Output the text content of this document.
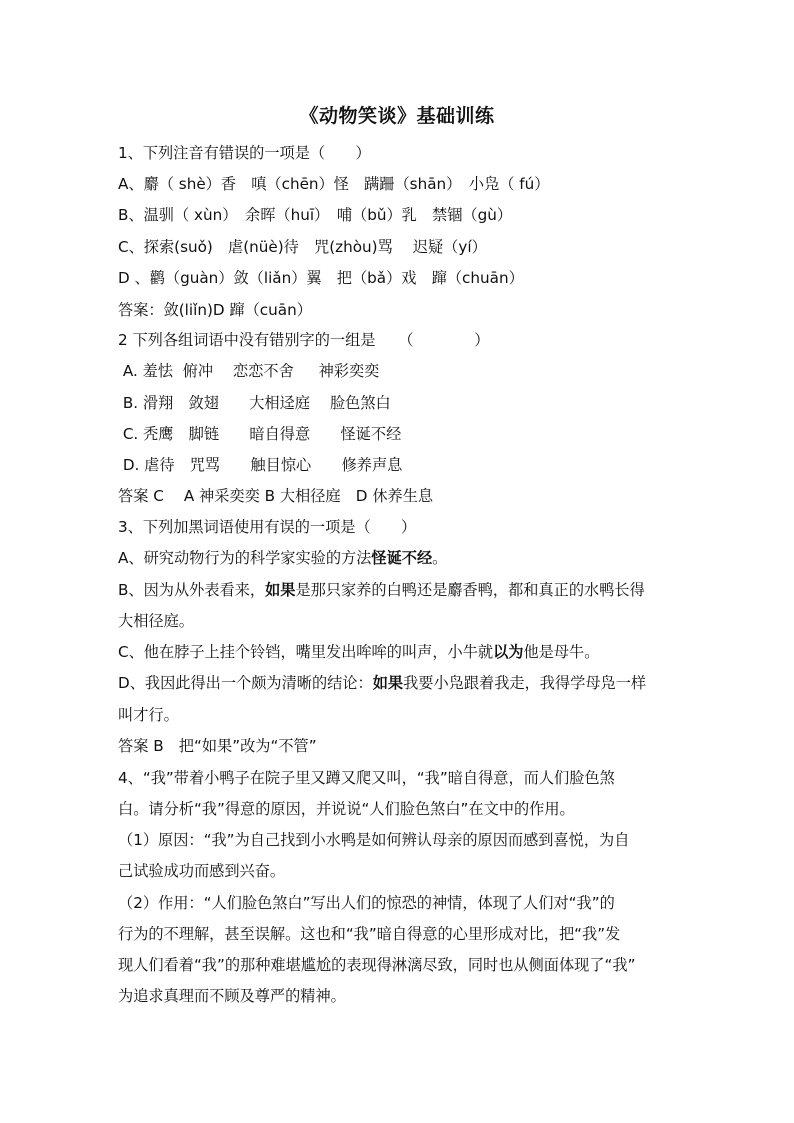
《动物笑谈》基础训练
1、下列注音有错误的一项是（　　）
A、麝（ shè）香　嗔（chēn）怪　蹒跚（shān）　小凫（ fú）
B、温驯（ xùn）　余晖（huī）　哺（bǔ）乳　禁锢（gù）
C、探索(suǒ)　虐(nüè)待　咒(zhòu)骂　 迟疑（yí）
D 、鹳（guàn）敛（liǎn）翼　把（bǎ）戏　蹿（chuān）
答案：敛(liǐn)D 蹿（cuān）
2 下列各组词语中没有错别字的一组是　　（　　　　）
A. 羞怯  俯冲　 恋恋不舍　  神彩奕奕
B. 滑翔　敛翅　　大相迳庭　 脸色煞白
C. 秃鹰　脚链　　暗自得意　　怪诞不经
D. 虐待　咒骂　　触目惊心　　修养声息
答案 C　 A 神采奕奕 B 大相径庭　D 休养生息
3、下列加黑词语使用有误的一项是（　　）
A、研究动物行为的科学家实验的方法怪诞不经。
B、因为从外表看来，如果是那只家养的白鸭还是麝香鸭，都和真正的水鸭长得
大相径庭。
C、他在脖子上挂个铃铛，嘴里发出哞哞的叫声，小牛就以为他是母牛。
D、我因此得出一个颇为清晰的结论：如果我要小凫跟着我走，我得学母凫一样
叫才行。
答案 B　把“如果”改为“不管”
4、“我”带着小鸭子在院子里又蹲又爬又叫，“我”暗自得意，而人们脸色煞
白。请分析“我”得意的原因，并说说“人们脸色煞白”在文中的作用。
（1）原因：“我”为自己找到小水鸭是如何辨认母亲的原因而感到喜悦，为自
己试验成功而感到兴奋。
（2）作用：“人们脸色煞白”写出人们的惊恐的神情，体现了人们对“我”的
行为的不理解，甚至误解。这也和“我”暗自得意的心里形成对比，把“我”发
现人们看着“我”的那种难堪尴尬的表现得淋漓尽致，同时也从侧面体现了“我”
为追求真理而不顾及尊严的精神。
